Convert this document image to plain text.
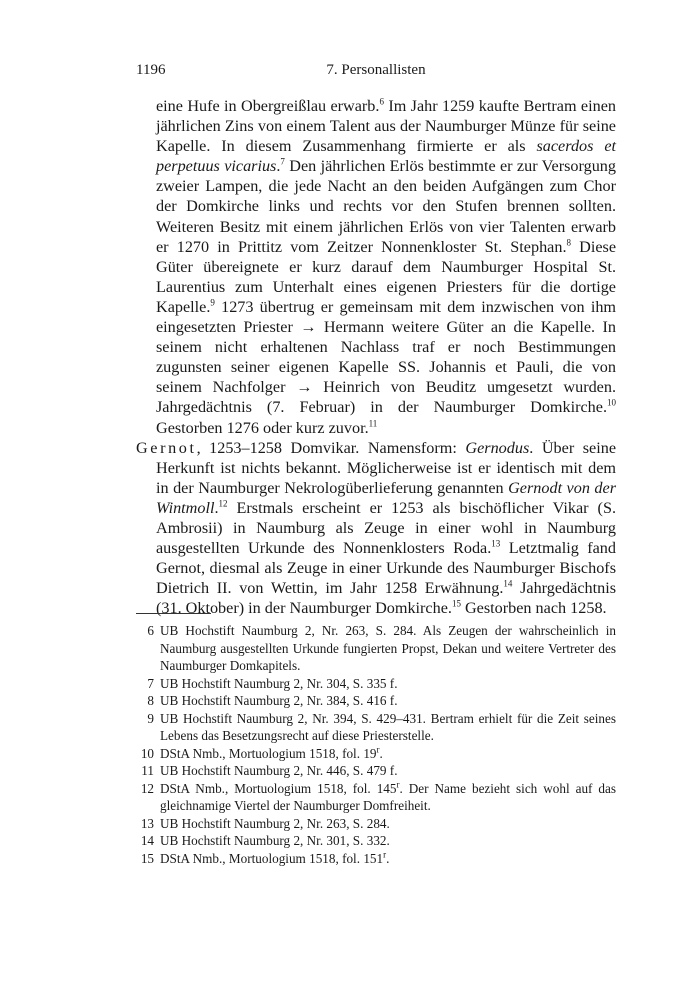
1196	7. Personallisten

eine Hufe in Obergreißlau erwarb.$^6$ Im Jahr 1259 kaufte Bertram einen jährlichen Zins von einem Talent aus der Naumburger Münze für seine Kapelle. In diesem Zusammenhang firmierte er als sacerdos et perpetuus vicarius.$^7$ Den jährlichen Erlös bestimmte er zur Versorgung zweier Lampen, die jede Nacht an den beiden Aufgängen zum Chor der Domkirche links und rechts vor den Stufen brennen sollten. Weiteren Besitz mit einem jährlichen Erlös von vier Talenten erwarb er 1270 in Prittitz vom Zeitzer Nonnenkloster St. Stephan.$^8$ Diese Güter übereignete er kurz darauf dem Naumburger Hospital St. Laurentius zum Unterhalt eines eigenen Priesters für die dortige Kapelle.$^9$ 1273 übertrug er gemeinsam mit dem inzwischen von ihm eingesetzten Priester → Hermann weitere Güter an die Kapelle. In seinem nicht erhaltenen Nachlass traf er noch Bestimmungen zugunsten seiner eigenen Kapelle SS. Johannis et Pauli, die von seinem Nachfolger → Heinrich von Beuditz umgesetzt wurden. Jahrgedächtnis (7. Februar) in der Naumburger Domkirche.$^{10}$ Gestorben 1276 oder kurz zuvor.$^{11}$

Gernot, 1253–1258 Domvikar. Namensform: Gernodus. Über seine Herkunft ist nichts bekannt. Möglicherweise ist er identisch mit dem in der Naumburger Nekrologüberlieferung genannten Gernodt von der Wintmoll.$^{12}$ Erstmals erscheint er 1253 als bischöflicher Vikar (S. Ambrosii) in Naumburg als Zeuge in einer wohl in Naumburg ausgestellten Urkunde des Nonnenklosters Roda.$^{13}$ Letztmalig fand Gernot, diesmal als Zeuge in einer Urkunde des Naumburger Bischofs Dietrich II. von Wettin, im Jahr 1258 Erwähnung.$^{14}$ Jahrgedächtnis (31. Oktober) in der Naumburger Domkirche.$^{15}$ Gestorben nach 1258.

6 UB Hochstift Naumburg 2, Nr. 263, S. 284. Als Zeugen der wahrscheinlich in Naumburg ausgestellten Urkunde fungierten Propst, Dekan und weitere Vertreter des Naumburger Domkapitels.
7 UB Hochstift Naumburg 2, Nr. 304, S. 335 f.
8 UB Hochstift Naumburg 2, Nr. 384, S. 416 f.
9 UB Hochstift Naumburg 2, Nr. 394, S. 429–431. Bertram erhielt für die Zeit seines Lebens das Besetzungsrecht auf diese Priesterstelle.
10 DStA Nmb., Mortuologium 1518, fol. 19$^r$.
11 UB Hochstift Naumburg 2, Nr. 446, S. 479 f.
12 DStA Nmb., Mortuologium 1518, fol. 145$^r$. Der Name bezieht sich wohl auf das gleichnamige Viertel der Naumburger Domfreiheit.
13 UB Hochstift Naumburg 2, Nr. 263, S. 284.
14 UB Hochstift Naumburg 2, Nr. 301, S. 332.
15 DStA Nmb., Mortuologium 1518, fol. 151$^r$.
